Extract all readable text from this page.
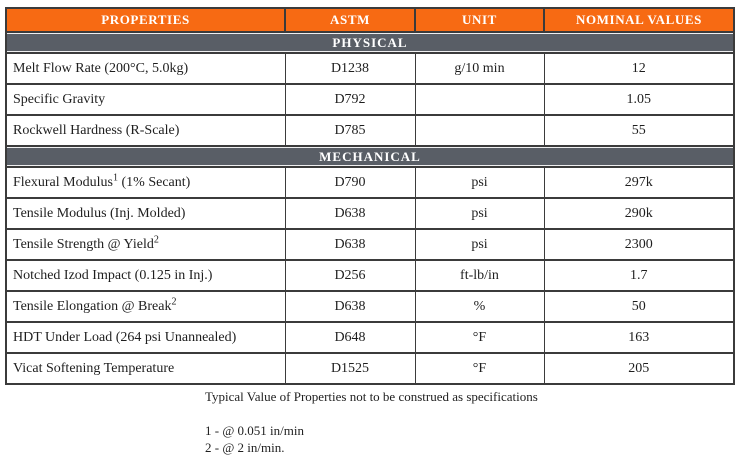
PROPERTIES	ASTM	UNIT	NOMINAL VALUES
PHYSICAL			
Melt Flow Rate (200°C, 5.0kg)	D1238	g/10 min	12
Specific Gravity	D792		1.05
Rockwell Hardness (R-Scale)	D785		55
MECHANICAL			
Flexural Modulus$^1$ (1% Secant)	D790	psi	297k
Tensile Modulus (Inj. Molded)	D638	psi	290k
Tensile Strength @ Yield$^2$	D638	psi	2300
Notched Izod Impact (0.125 in Inj.)	D256	ft-lb/in	1.7
Tensile Elongation @ Break$^2$	D638	%	50
HDT Under Load (264 psi Unannealed)	D648	°F	163
Vicat Softening Temperature	D1525	°F	205
Typical Value of Properties not to be construed as specifications
1 - @ 0.051 in/min
2 - @ 2 in/min.
